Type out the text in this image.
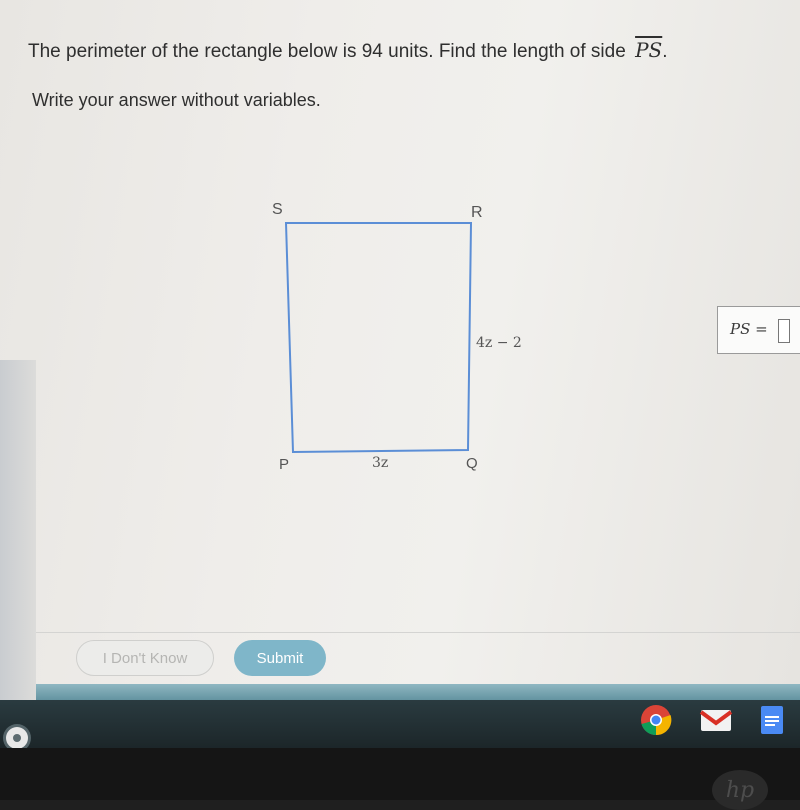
The perimeter of the rectangle below is 94 units. Find the length of side $\overline{PS}$.
Write your answer without variables.
S	R
P	Q
4z − 2
3z
PS =
I Don't Know	Submit
hp
